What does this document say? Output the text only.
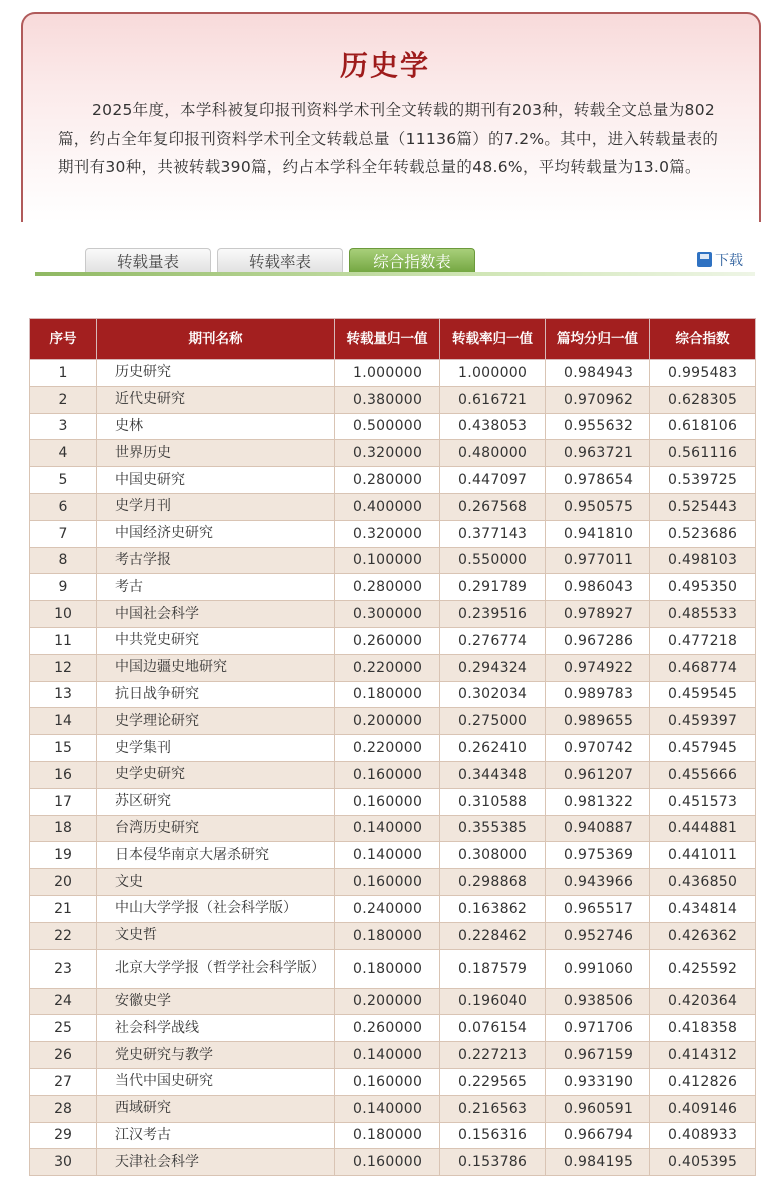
历史学
2025年度，本学科被复印报刊资料学术刊全文转载的期刊有203种，转载全文总量为802篇，约占全年复印报刊资料学术刊全文转载总量（11136篇）的7.2%。其中，进入转载量表的期刊有30种，共被转载390篇，约占本学科全年转载总量的48.6%，平均转载量为13.0篇。
转载量表	转载率表	综合指数表	下载
序号	期刊名称	转载量归一值	转载率归一值	篇均分归一值	综合指数
1	历史研究	1.000000	1.000000	0.984943	0.995483
2	近代史研究	0.380000	0.616721	0.970962	0.628305
3	史林	0.500000	0.438053	0.955632	0.618106
4	世界历史	0.320000	0.480000	0.963721	0.561116
5	中国史研究	0.280000	0.447097	0.978654	0.539725
6	史学月刊	0.400000	0.267568	0.950575	0.525443
7	中国经济史研究	0.320000	0.377143	0.941810	0.523686
8	考古学报	0.100000	0.550000	0.977011	0.498103
9	考古	0.280000	0.291789	0.986043	0.495350
10	中国社会科学	0.300000	0.239516	0.978927	0.485533
11	中共党史研究	0.260000	0.276774	0.967286	0.477218
12	中国边疆史地研究	0.220000	0.294324	0.974922	0.468774
13	抗日战争研究	0.180000	0.302034	0.989783	0.459545
14	史学理论研究	0.200000	0.275000	0.989655	0.459397
15	史学集刊	0.220000	0.262410	0.970742	0.457945
16	史学史研究	0.160000	0.344348	0.961207	0.455666
17	苏区研究	0.160000	0.310588	0.981322	0.451573
18	台湾历史研究	0.140000	0.355385	0.940887	0.444881
19	日本侵华南京大屠杀研究	0.140000	0.308000	0.975369	0.441011
20	文史	0.160000	0.298868	0.943966	0.436850
21	中山大学学报（社会科学版）	0.240000	0.163862	0.965517	0.434814
22	文史哲	0.180000	0.228462	0.952746	0.426362
23	北京大学学报（哲学社会科学版）	0.180000	0.187579	0.991060	0.425592
24	安徽史学	0.200000	0.196040	0.938506	0.420364
25	社会科学战线	0.260000	0.076154	0.971706	0.418358
26	党史研究与教学	0.140000	0.227213	0.967159	0.414312
27	当代中国史研究	0.160000	0.229565	0.933190	0.412826
28	西域研究	0.140000	0.216563	0.960591	0.409146
29	江汉考古	0.180000	0.156316	0.966794	0.408933
30	天津社会科学	0.160000	0.153786	0.984195	0.405395
